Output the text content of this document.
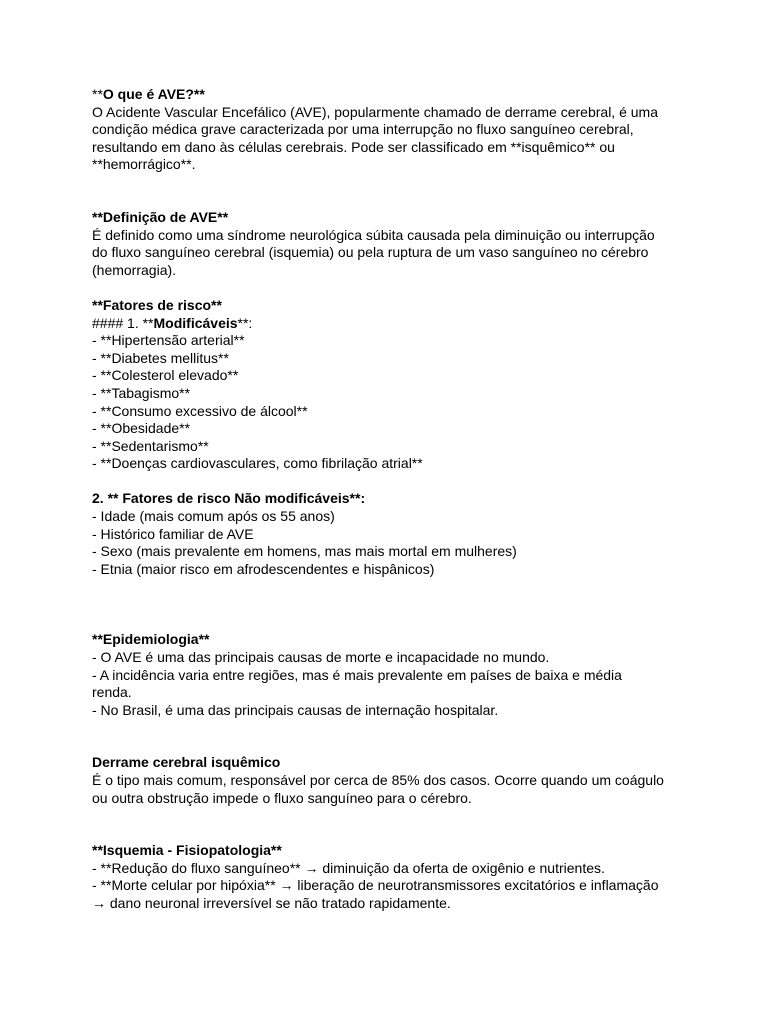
**O que é AVE?**
O Acidente Vascular Encefálico (AVE), popularmente chamado de derrame cerebral, é uma
condição médica grave caracterizada por uma interrupção no fluxo sanguíneo cerebral,
resultando em dano às células cerebrais. Pode ser classificado em **isquêmico** ou
**hemorrágico**.
**Definição de AVE**
É definido como uma síndrome neurológica súbita causada pela diminuição ou interrupção
do fluxo sanguíneo cerebral (isquemia) ou pela ruptura de um vaso sanguíneo no cérebro
(hemorragia).
**Fatores de risco**
#### 1. **Modificáveis**:
- **Hipertensão arterial**
- **Diabetes mellitus**
- **Colesterol elevado**
- **Tabagismo**
- **Consumo excessivo de álcool**
- **Obesidade**
- **Sedentarismo**
- **Doenças cardiovasculares, como fibrilação atrial**
2. ** Fatores de risco Não modificáveis**:
- Idade (mais comum após os 55 anos)
- Histórico familiar de AVE
- Sexo (mais prevalente em homens, mas mais mortal em mulheres)
- Etnia (maior risco em afrodescendentes e hispânicos)
**Epidemiologia**
- O AVE é uma das principais causas de morte e incapacidade no mundo.
- A incidência varia entre regiões, mas é mais prevalente em países de baixa e média
renda.
- No Brasil, é uma das principais causas de internação hospitalar.
Derrame cerebral isquêmico
É o tipo mais comum, responsável por cerca de 85% dos casos. Ocorre quando um coágulo
ou outra obstrução impede o fluxo sanguíneo para o cérebro.
**Isquemia - Fisiopatologia**
- **Redução do fluxo sanguíneo** → diminuição da oferta de oxigênio e nutrientes.
- **Morte celular por hipóxia** → liberação de neurotransmissores excitatórios e inflamação
→ dano neuronal irreversível se não tratado rapidamente.
